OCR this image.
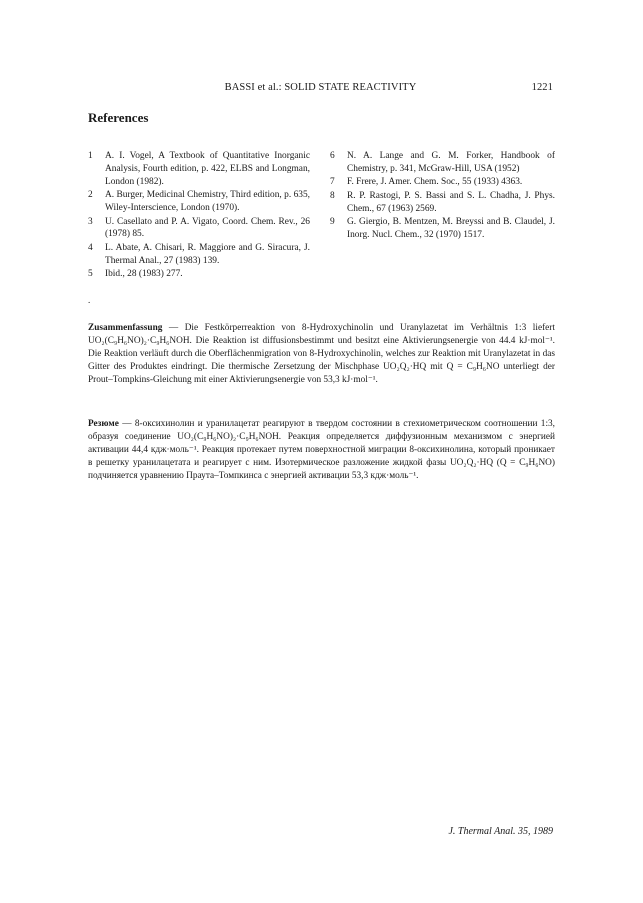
BASSI et al.: SOLID STATE REACTIVITY	1221
References
1 A. I. Vogel, A Textbook of Quantitative Inorganic Analysis, Fourth edition, p. 422, ELBS and Longman, London (1982).
2 A. Burger, Medicinal Chemistry, Third edition, p. 635, Wiley-Interscience, London (1970).
3 U. Casellato and P. A. Vigato, Coord. Chem. Rev., 26 (1978) 85.
4 L. Abate, A. Chisari, R. Maggiore and G. Siracura, J. Thermal Anal., 27 (1983) 139.
5 Ibid., 28 (1983) 277.
6 N. A. Lange and G. M. Forker, Handbook of Chemistry, p. 341, McGraw-Hill, USA (1952)
7 F. Frere, J. Amer. Chem. Soc., 55 (1933) 4363.
8 R. P. Rastogi, P. S. Bassi and S. L. Chadha, J. Phys. Chem., 67 (1963) 2569.
9 G. Giergio, B. Mentzen, M. Breyssi and B. Claudel, J. Inorg. Nucl. Chem., 32 (1970) 1517.
.

Zusammenfassung — Die Festkörperreaktion von 8-Hydroxychinolin und Uranylazetat im Verhältnis 1:3 liefert UO₂(C₉H₆NO)₂·C₉H₆NOH. Die Reaktion ist diffusionsbestimmt und besitzt eine Aktivierungsenergie von 44.4 kJ·mol⁻¹. Die Reaktion verläuft durch die Oberflächenmigration von 8-Hydroxychinolin, welches zur Reaktion mit Uranylazetat in das Gitter des Produktes eindringt. Die thermische Zersetzung der Mischphase UO₂Q₂·HQ mit Q = C₉H₆NO unterliegt der Prout–Tompkins-Gleichung mit einer Aktivierungsenergie von 53,3 kJ·mol⁻¹.

Резюме — 8-оксихинолин и уранилацетат реагируют в твердом состоянии в стехиометрическом соотношении 1:3, образуя соединение UO₂(C₉H₆NO)₂·C₉H₆NOH. Реакция определяется диффузионным механизмом с энергией активации 44,4 кдж·моль⁻¹. Реакция протекает путем поверхностной миграции 8-оксихинолина, который проникает в решетку уранилацетата и реагирует с ним. Изотермическое разложение жидкой фазы UO₂Q₂·HQ (Q = C₉H₆NO) подчиняется уравнению Праута–Томпкинса с энергией активации 53,3 кдж·моль⁻¹.

J. Thermal Anal. 35, 1989
